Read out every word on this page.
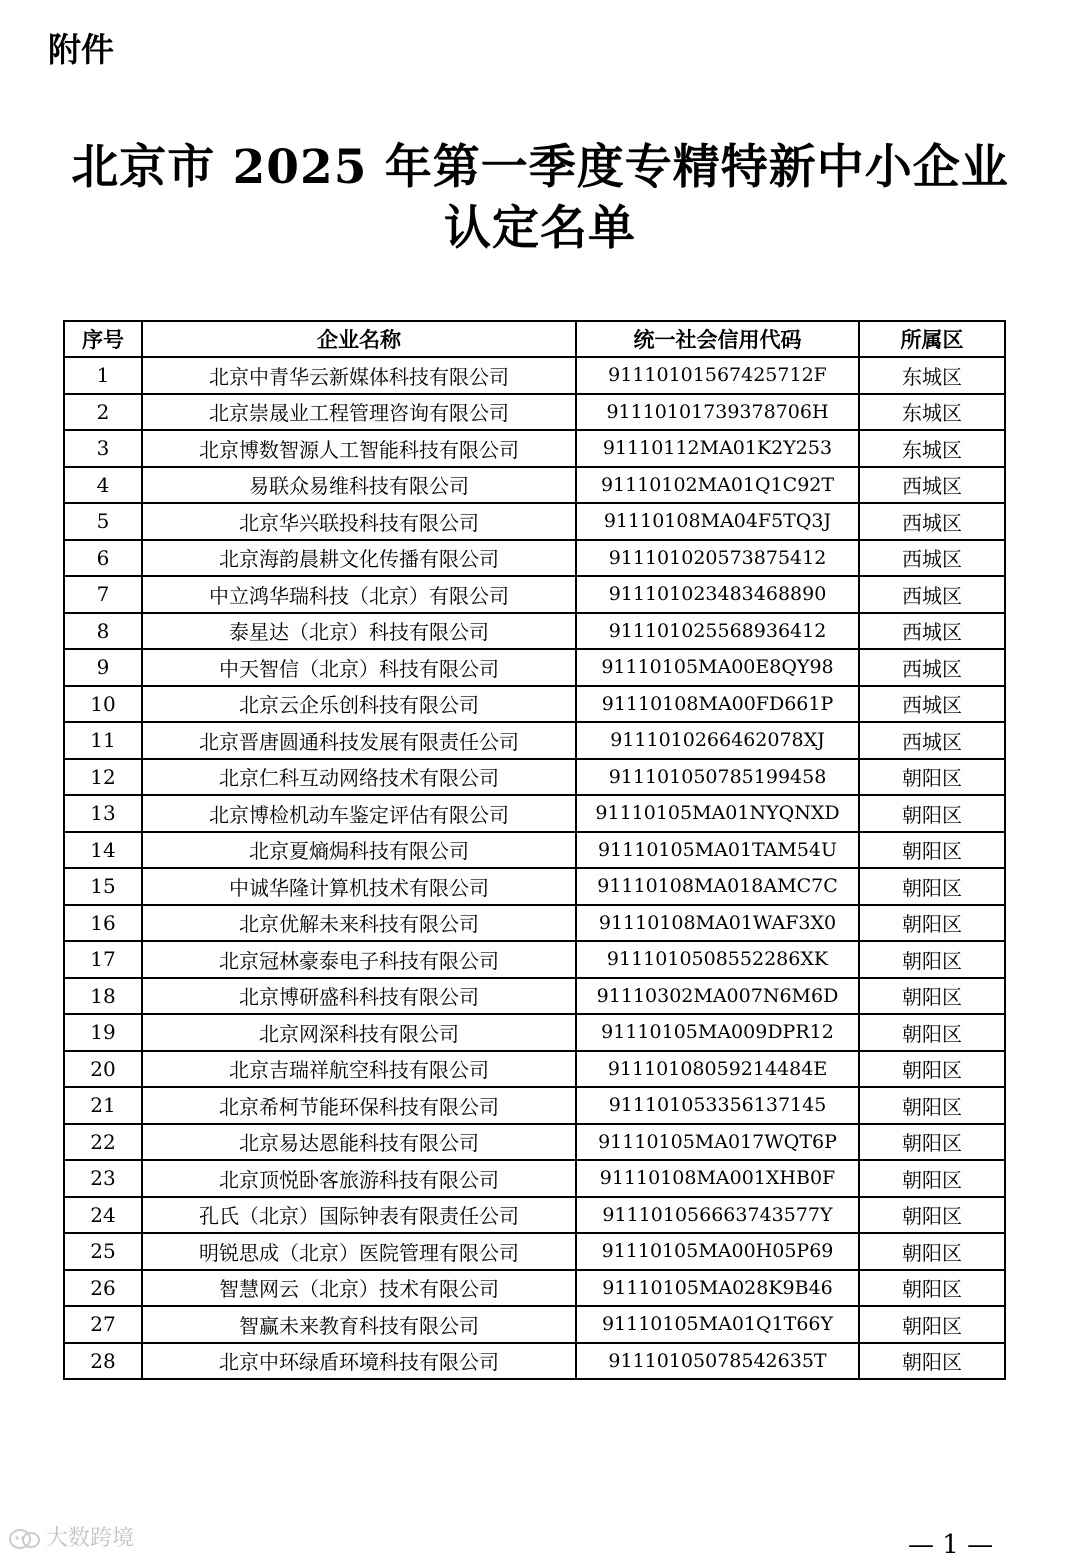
附件
北京市 2025 年第一季度专精特新中小企业
认定名单
序号	企业名称	统一社会信用代码	所属区
1	北京中青华云新媒体科技有限公司	91110101567425712F	东城区
2	北京崇晟业工程管理咨询有限公司	91110101739378706H	东城区
3	北京博数智源人工智能科技有限公司	91110112MA01K2Y253	东城区
4	易联众易维科技有限公司	91110102MA01Q1C92T	西城区
5	北京华兴联投科技有限公司	91110108MA04F5TQ3J	西城区
6	北京海韵晨耕文化传播有限公司	911101020573875412	西城区
7	中立鸿华瑞科技（北京）有限公司	911101023483468890	西城区
8	泰星达（北京）科技有限公司	911101025568936412	西城区
9	中天智信（北京）科技有限公司	91110105MA00E8QY98	西城区
10	北京云企乐创科技有限公司	91110108MA00FD661P	西城区
11	北京晋唐圆通科技发展有限责任公司	9111010266462078XJ	西城区
12	北京仁科互动网络技术有限公司	911101050785199458	朝阳区
13	北京博检机动车鉴定评估有限公司	91110105MA01NYQNXD	朝阳区
14	北京夏熵焗科技有限公司	91110105MA01TAM54U	朝阳区
15	中诚华隆计算机技术有限公司	91110108MA018AMC7C	朝阳区
16	北京优解未来科技有限公司	91110108MA01WAF3X0	朝阳区
17	北京冠林豪泰电子科技有限公司	9111010508552286XK	朝阳区
18	北京博研盛科科技有限公司	91110302MA007N6M6D	朝阳区
19	北京网深科技有限公司	91110105MA009DPR12	朝阳区
20	北京吉瑞祥航空科技有限公司	91110108059214484E	朝阳区
21	北京希柯节能环保科技有限公司	911101053356137145	朝阳区
22	北京易达恩能科技有限公司	91110105MA017WQT6P	朝阳区
23	北京顶悦卧客旅游科技有限公司	91110108MA001XHB0F	朝阳区
24	孔氏（北京）国际钟表有限责任公司	911101056663743577Y	朝阳区
25	明锐思成（北京）医院管理有限公司	91110105MA00H05P69	朝阳区
26	智慧网云（北京）技术有限公司	91110105MA028K9B46	朝阳区
27	智赢未来教育科技有限公司	91110105MA01Q1T66Y	朝阳区
28	北京中环绿盾环境科技有限公司	91110105078542635T	朝阳区
大数跨境	— 1 —
